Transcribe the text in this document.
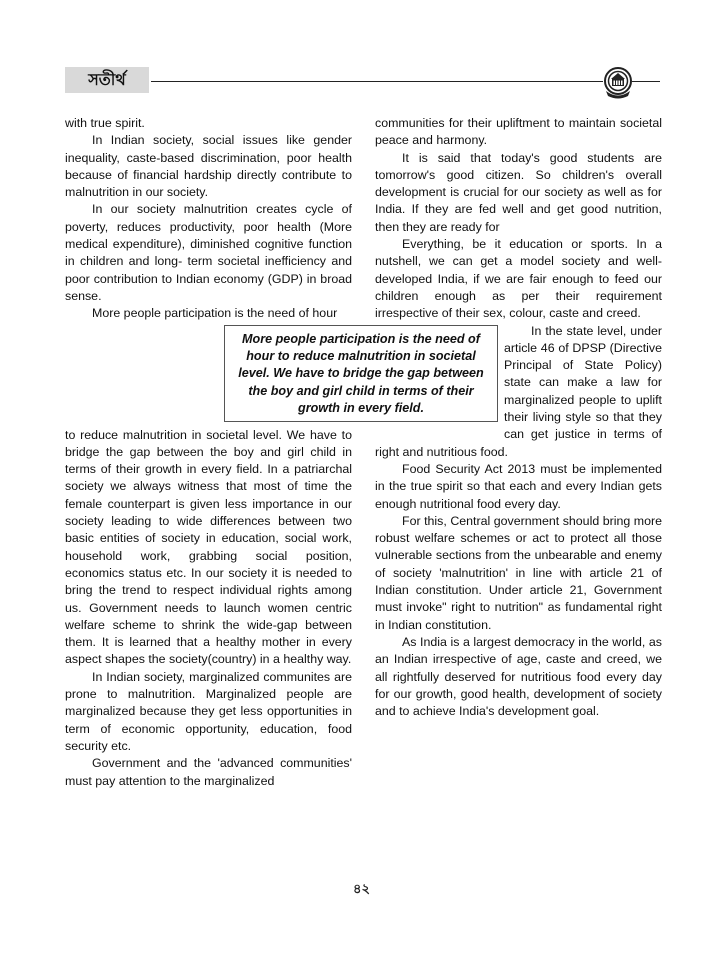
সতীর্থ

with true spirit.

In Indian society, social issues like gender inequality, caste-based discrimination, poor health because of financial hardship directly contribute to malnutrition in our society.

In our society malnutrition creates cycle of poverty, reduces productivity, poor health (More medical expenditure), diminished cognitive function in children and long- term societal inefficiency and poor contribution to Indian economy (GDP) in broad sense.

More people participation is the need of hour

to reduce malnutrition in societal level. We have to bridge the gap between the boy and girl child in terms of their growth in every field. In a patriarchal society we always witness that most of time the female counterpart is given less importance in our society leading to wide differences between two basic entities of society in education, social work, household work, grabbing social position, economics status etc. In our society it is needed to bring the trend to respect individual rights among us. Government needs to launch women centric welfare scheme to shrink the wide-gap between them. It is learned that a healthy mother in every aspect shapes the society(country) in a healthy way.

In Indian society, marginalized communites are prone to malnutrition. Marginalized people are marginalized because they get less opportunities in term of economic opportunity, education, food security etc.

Government and the 'advanced communities' must pay attention to the marginalized

communities for their upliftment to maintain societal peace and harmony.

It is said that today's good students are tomorrow's good citizen. So children's overall development is crucial for our society as well as for India. If they are fed well and get good nutrition, then they are ready for

Everything, be it education or sports. In a nutshell, we can get a model society and well-developed India, if we are fair enough to feed our children enough as per their requirement irrespective of their sex, colour, caste and creed.

In the state level, under article 46 of DPSP (Directive Principal of State Policy) state can make a law for marginalized people to uplift their living style so that they can get justice in terms of right and nutritious food.

Food Security Act 2013 must be implemented in the true spirit so that each and every Indian gets enough nutritional food every day.

For this, Central government should bring more robust welfare schemes or act to protect all those vulnerable sections from the unbearable and enemy of society 'malnutrition' in line with article 21 of Indian constitution. Under article 21, Government must invoke" right to nutrition" as fundamental right in Indian constitution.

As India is a largest democracy in the world, as an Indian irrespective of age, caste and creed, we all rightfully deserved for nutritious food every day for our growth, good health, development of society and to achieve India's development goal.

More people participation is the need of hour to reduce malnutrition in societal level. We have to bridge the gap between the boy and girl child in terms of their growth in every field.
৪২
